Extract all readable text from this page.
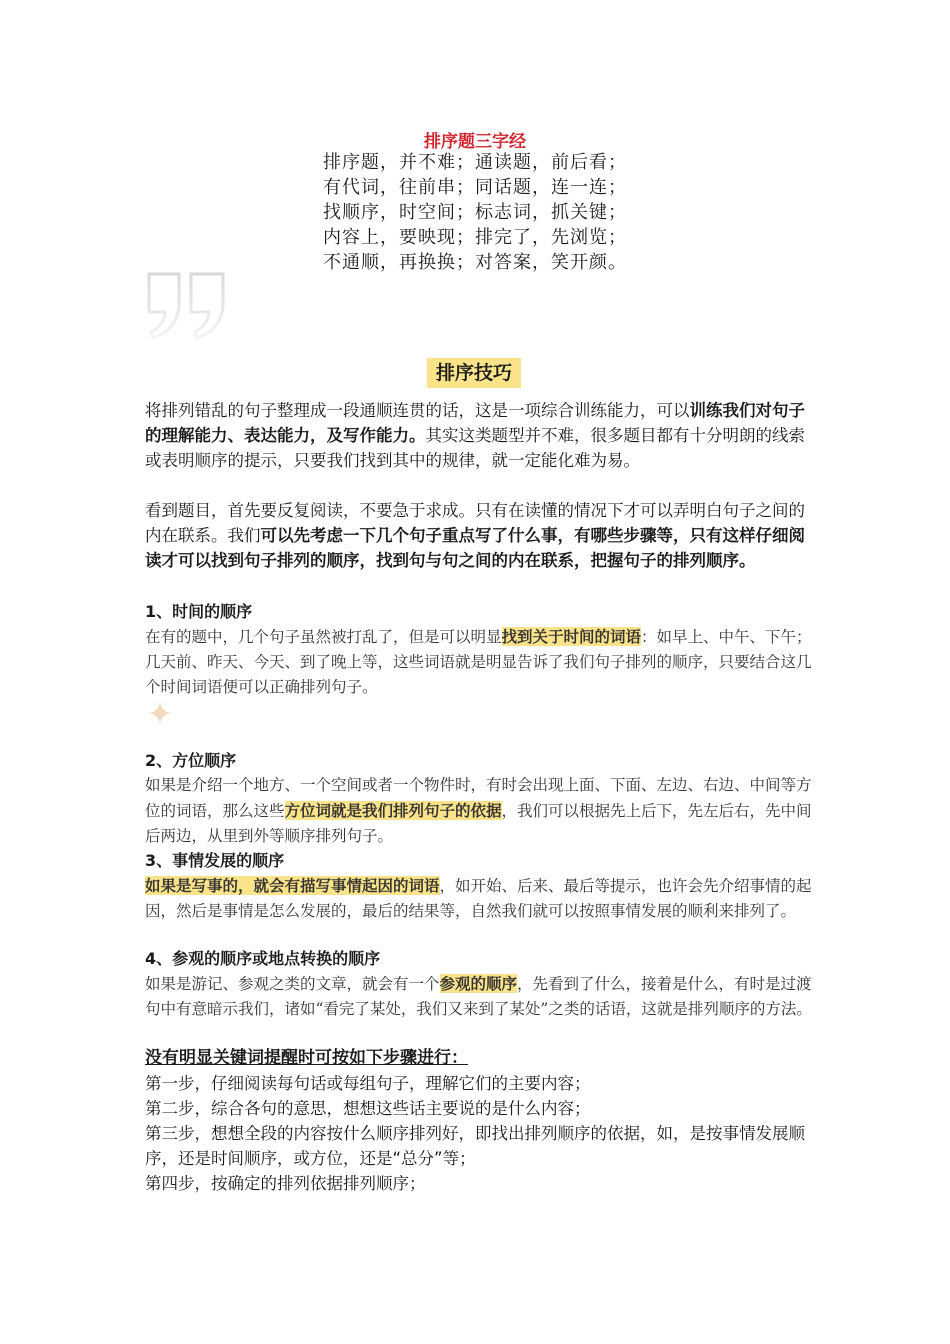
排序题三字经
排序题，并不难；通读题，前后看；
有代词，往前串；同话题，连一连；
找顺序，时空间；标志词，抓关键；
内容上，要映现；排完了，先浏览；
不通顺，再换换；对答案，笑开颜。
排序技巧
将排列错乱的句子整理成一段通顺连贯的话，这是一项综合训练能力，可以训练我们对句子的理解能力、表达能力，及写作能力。其实这类题型并不难，很多题目都有十分明朗的线索或表明顺序的提示，只要我们找到其中的规律，就一定能化难为易。
看到题目，首先要反复阅读，不要急于求成。只有在读懂的情况下才可以弄明白句子之间的内在联系。我们可以先考虑一下几个句子重点写了什么事，有哪些步骤等，只有这样仔细阅读才可以找到句子排列的顺序，找到句与句之间的内在联系，把握句子的排列顺序。
1、时间的顺序
在有的题中，几个句子虽然被打乱了，但是可以明显找到关于时间的词语：如早上、中午、下午；几天前、昨天、今天、到了晚上等，这些词语就是明显告诉了我们句子排列的顺序，只要结合这几个时间词语便可以正确排列句子。
2、方位顺序
如果是介绍一个地方、一个空间或者一个物件时，有时会出现上面、下面、左边、右边、中间等方位的词语，那么这些方位词就是我们排列句子的依据，我们可以根据先上后下，先左后右，先中间后两边，从里到外等顺序排列句子。
3、事情发展的顺序
如果是写事的，就会有描写事情起因的词语，如开始、后来、最后等提示，也许会先介绍事情的起因，然后是事情是怎么发展的，最后的结果等，自然我们就可以按照事情发展的顺利来排列了。
4、参观的顺序或地点转换的顺序
如果是游记、参观之类的文章，就会有一个参观的顺序，先看到了什么，接着是什么，有时是过渡句中有意暗示我们，诸如“看完了某处，我们又来到了某处”之类的话语，这就是排列顺序的方法。
没有明显关键词提醒时可按如下步骤进行：
第一步，仔细阅读每句话或每组句子，理解它们的主要内容；
第二步，综合各句的意思，想想这些话主要说的是什么内容；
第三步，想想全段的内容按什么顺序排列好，即找出排列顺序的依据，如，是按事情发展顺序，还是时间顺序，或方位，还是“总分”等；
第四步，按确定的排列依据排列顺序；
